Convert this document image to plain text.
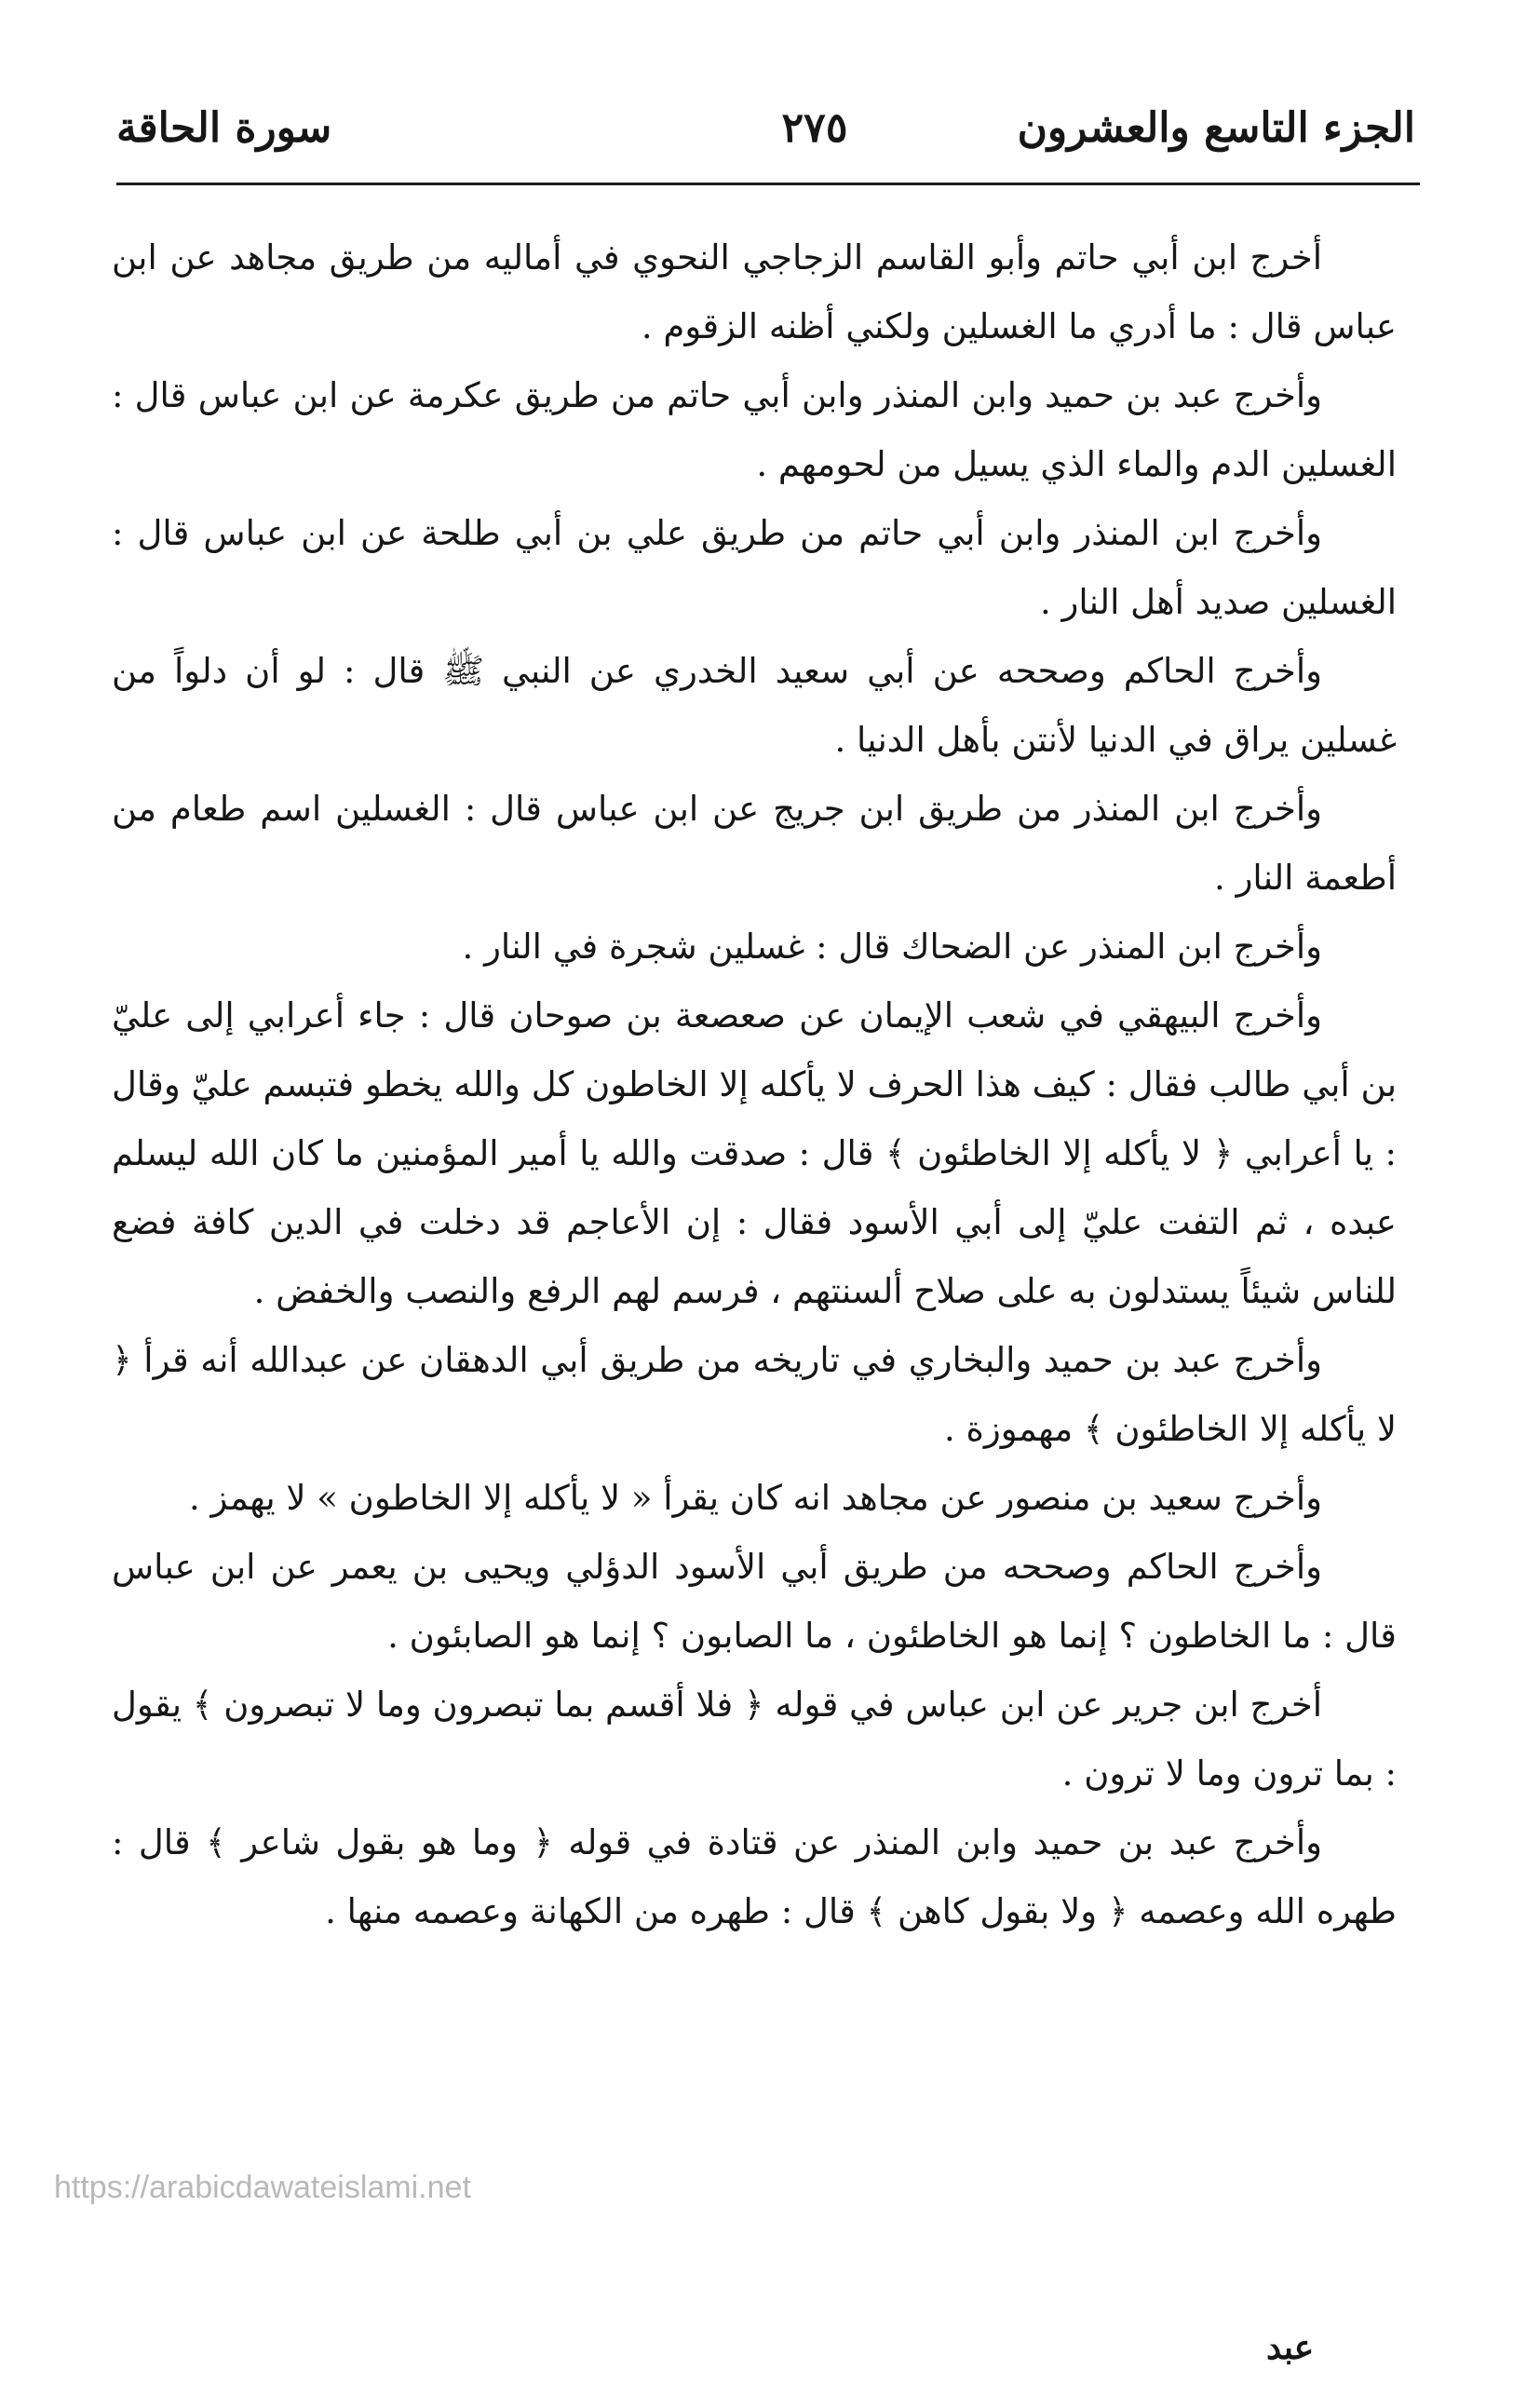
سورة الحاقة	٢٧٥	الجزء التاسع والعشرون

أخرج ابن أبي حاتم وأبو القاسم الزجاجي النحوي في أماليه من طريق مجاهد عن ابن عباس قال : ما أدري ما الغسلين ولكني أظنه الزقوم .

وأخرج عبد بن حميد وابن المنذر وابن أبي حاتم من طريق عكرمة عن ابن عباس قال : الغسلين الدم والماء الذي يسيل من لحومهم .

وأخرج ابن المنذر وابن أبي حاتم من طريق علي بن أبي طلحة عن ابن عباس قال : الغسلين صديد أهل النار .

وأخرج الحاكم وصححه عن أبي سعيد الخدري عن النبي ﷺ قال : لو أن دلواً من غسلين يراق في الدنيا لأنتن بأهل الدنيا .

وأخرج ابن المنذر من طريق ابن جريج عن ابن عباس قال : الغسلين اسم طعام من أطعمة النار .

وأخرج ابن المنذر عن الضحاك قال : غسلين شجرة في النار .

وأخرج البيهقي في شعب الإيمان عن صعصعة بن صوحان قال : جاء أعرابي إلى عليّ بن أبي طالب فقال : كيف هذا الحرف لا يأكله إلا الخاطون كل والله يخطو فتبسم عليّ وقال : يا أعرابي ﴿ لا يأكله إلا الخاطئون ﴾ قال : صدقت والله يا أمير المؤمنين ما كان الله ليسلم عبده ، ثم التفت عليّ إلى أبي الأسود فقال : إن الأعاجم قد دخلت في الدين كافة فضع للناس شيئاً يستدلون به على صلاح ألسنتهم ، فرسم لهم الرفع والنصب والخفض .

وأخرج عبد بن حميد والبخاري في تاريخه من طريق أبي الدهقان عن عبدالله أنه قرأ ﴿ لا يأكله إلا الخاطئون ﴾ مهموزة .

وأخرج سعيد بن منصور عن مجاهد انه كان يقرأ « لا يأكله إلا الخاطون » لا يهمز .

وأخرج الحاكم وصححه من طريق أبي الأسود الدؤلي ويحيى بن يعمر عن ابن عباس قال : ما الخاطون ؟ إنما هو الخاطئون ، ما الصابون ؟ إنما هو الصابئون .

أخرج ابن جرير عن ابن عباس في قوله ﴿ فلا أقسم بما تبصرون وما لا تبصرون ﴾ يقول : بما ترون وما لا ترون .

وأخرج عبد بن حميد وابن المنذر عن قتادة في قوله ﴿ وما هو بقول شاعر ﴾ قال : طهره الله وعصمه ﴿ ولا بقول كاهن ﴾ قال : طهره من الكهانة وعصمه منها .

https://arabicdawateislami.net
عبد
